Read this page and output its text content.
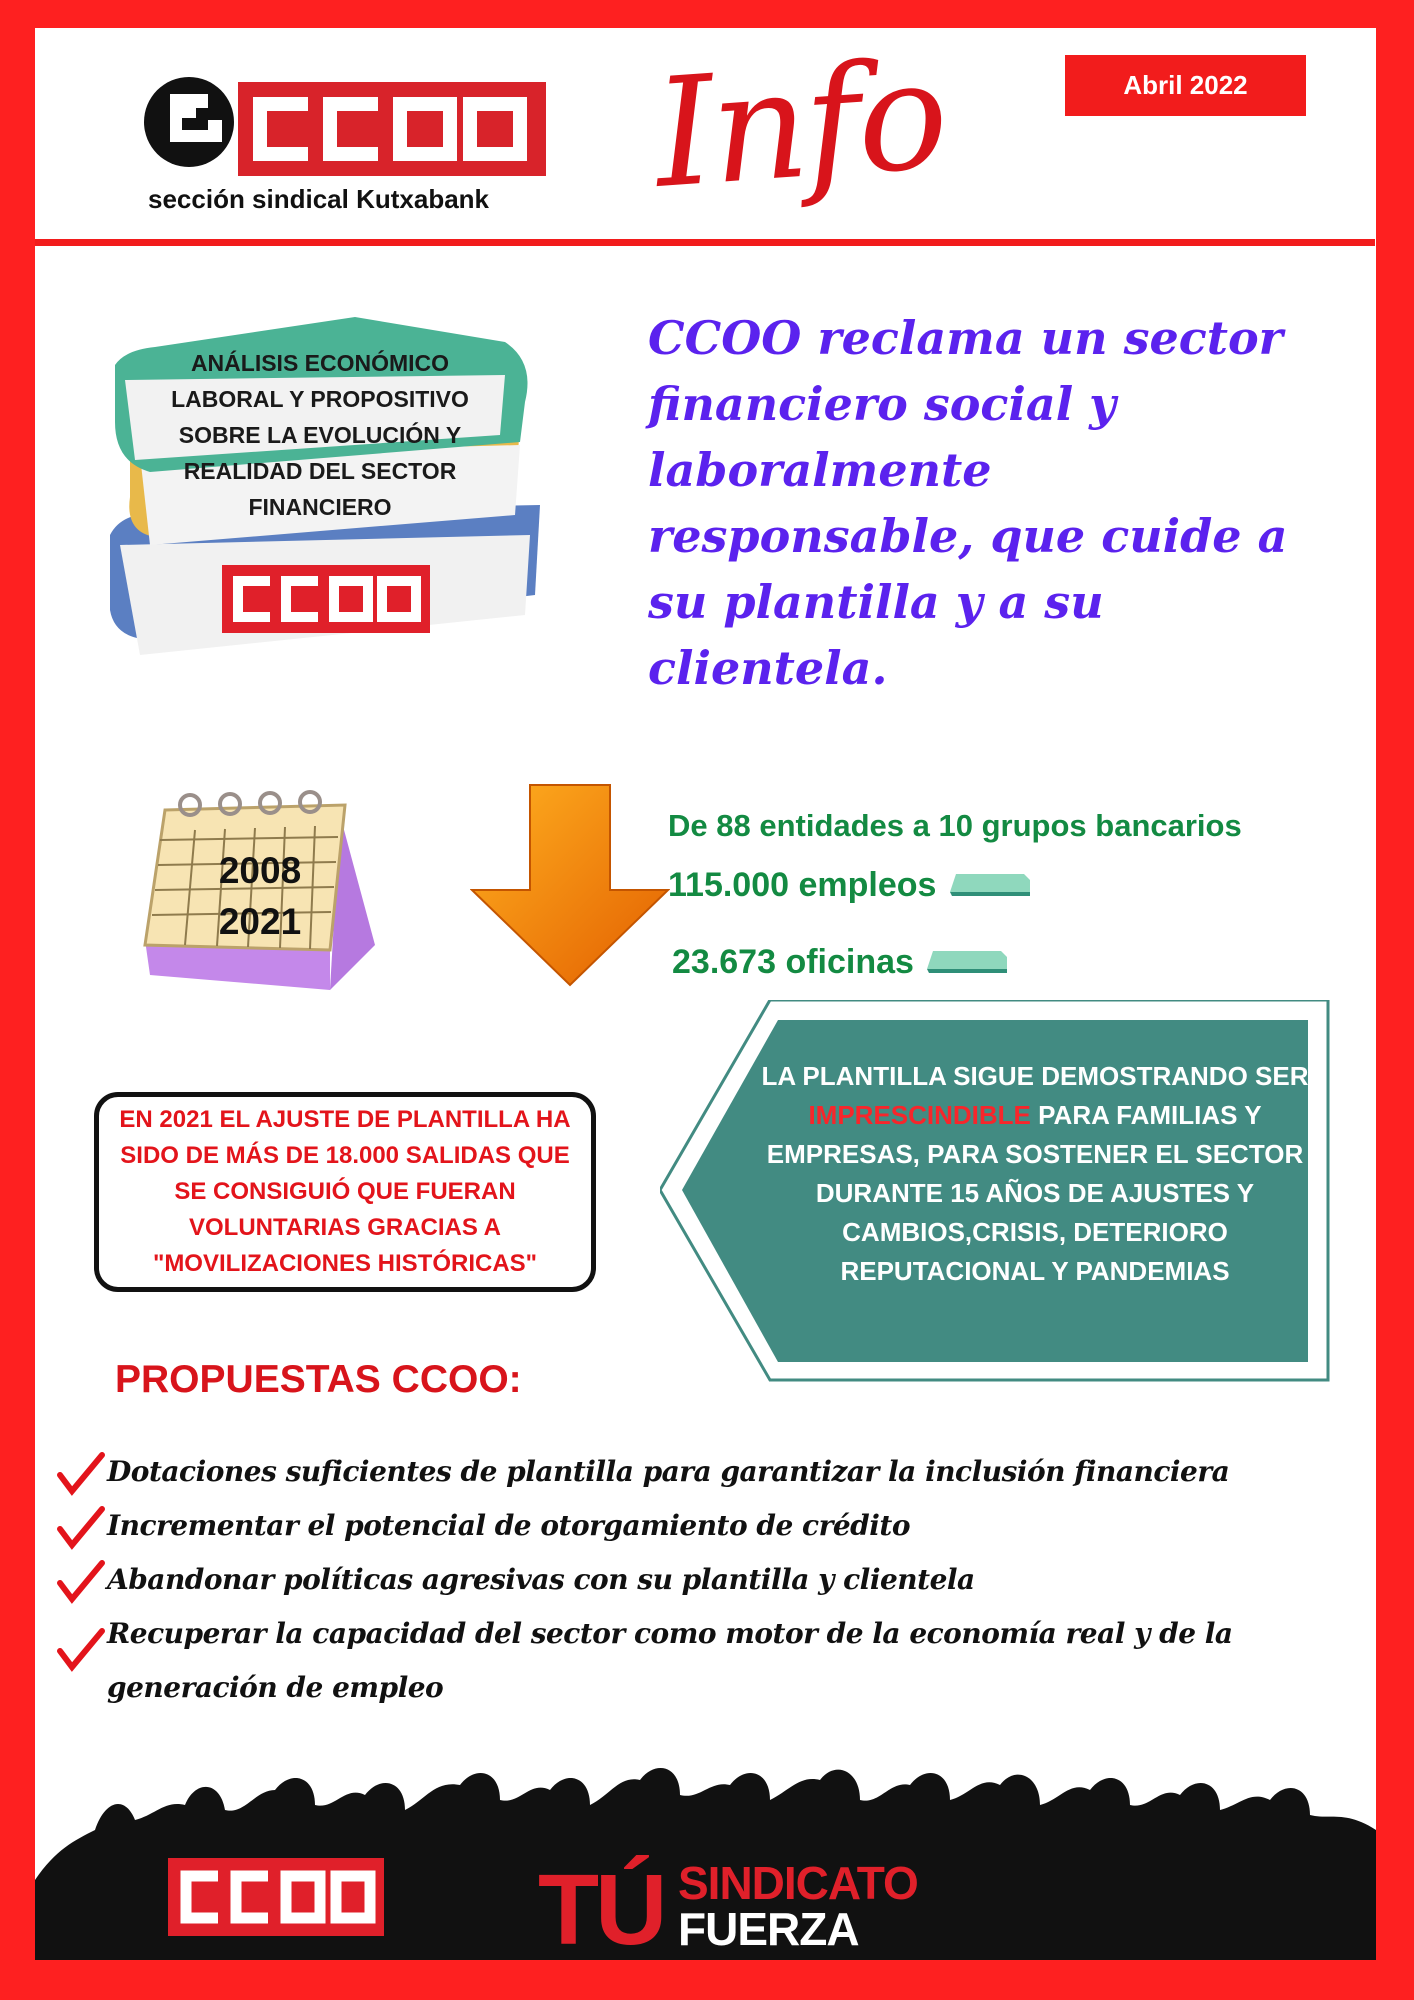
sección sindical Kutxabank Info	Abril 2022
ANÁLISIS ECONÓMICO LABORAL Y PROPOSITIVO SOBRE LA EVOLUCIÓN Y REALIDAD DEL SECTOR FINANCIERO
CCOO reclama un sector financiero social y laboralmente responsable, que cuide a su plantilla y a su clientela.
2008
2021
De 88 entidades a 10 grupos bancarios
115.000 empleos
23.673 oficinas
EN 2021 EL AJUSTE DE PLANTILLA HA SIDO DE MÁS DE 18.000 SALIDAS QUE SE CONSIGUIÓ QUE FUERAN VOLUNTARIAS GRACIAS A "MOVILIZACIONES HISTÓRICAS"
LA PLANTILLA SIGUE DEMOSTRANDO SER IMPRESCINDIBLE PARA FAMILIAS Y EMPRESAS, PARA SOSTENER EL SECTOR DURANTE 15 AÑOS DE AJUSTES Y CAMBIOS,CRISIS, DETERIORO REPUTACIONAL Y PANDEMIAS
PROPUESTAS CCOO:
Dotaciones suficientes de plantilla para garantizar la inclusión financiera
Incrementar el potencial de otorgamiento de crédito
Abandonar políticas agresivas con su plantilla y clientela
Recuperar la capacidad del sector como motor de la economía real y de la generación de empleo
TÚ SINDICATO
FUERZA
